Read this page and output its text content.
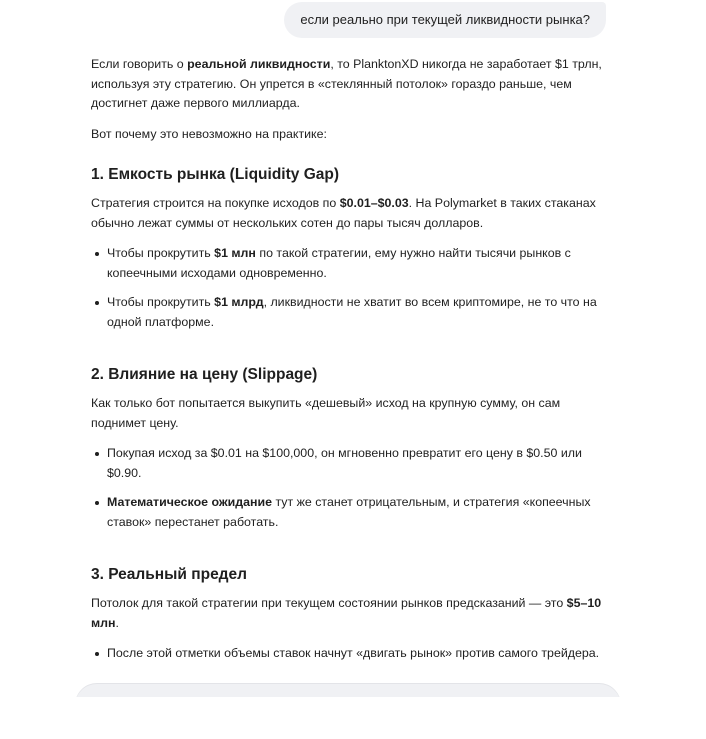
если реально при текущей ликвидности рынка?

Если говорить о реальной ликвидности, то PlanktonXD никогда не заработает $1 трлн, используя эту стратегию. Он упрется в «стеклянный потолок» гораздо раньше, чем достигнет даже первого миллиарда.

Вот почему это невозможно на практике:

1. Емкость рынка (Liquidity Gap)

Стратегия строится на покупке исходов по $0.01–$0.03. На Polymarket в таких стаканах обычно лежат суммы от нескольких сотен до пары тысяч долларов.

Чтобы прокрутить $1 млн по такой стратегии, ему нужно найти тысячи рынков с копеечными исходами одновременно.
Чтобы прокрутить $1 млрд, ликвидности не хватит во всем криптомире, не то что на одной платформе.
2. Влияние на цену (Slippage)

Как только бот попытается выкупить «дешевый» исход на крупную сумму, он сам поднимет цену.

Покупая исход за $0.01 на $100,000, он мгновенно превратит его цену в $0.50 или $0.90.
Математическое ожидание тут же станет отрицательным, и стратегия «копеечных ставок» перестанет работать.
3. Реальный предел

Потолок для такой стратегии при текущем состоянии рынков предсказаний — это $5–10 млн.

После этой отметки объемы ставок начнут «двигать рынок» против самого трейдера.
